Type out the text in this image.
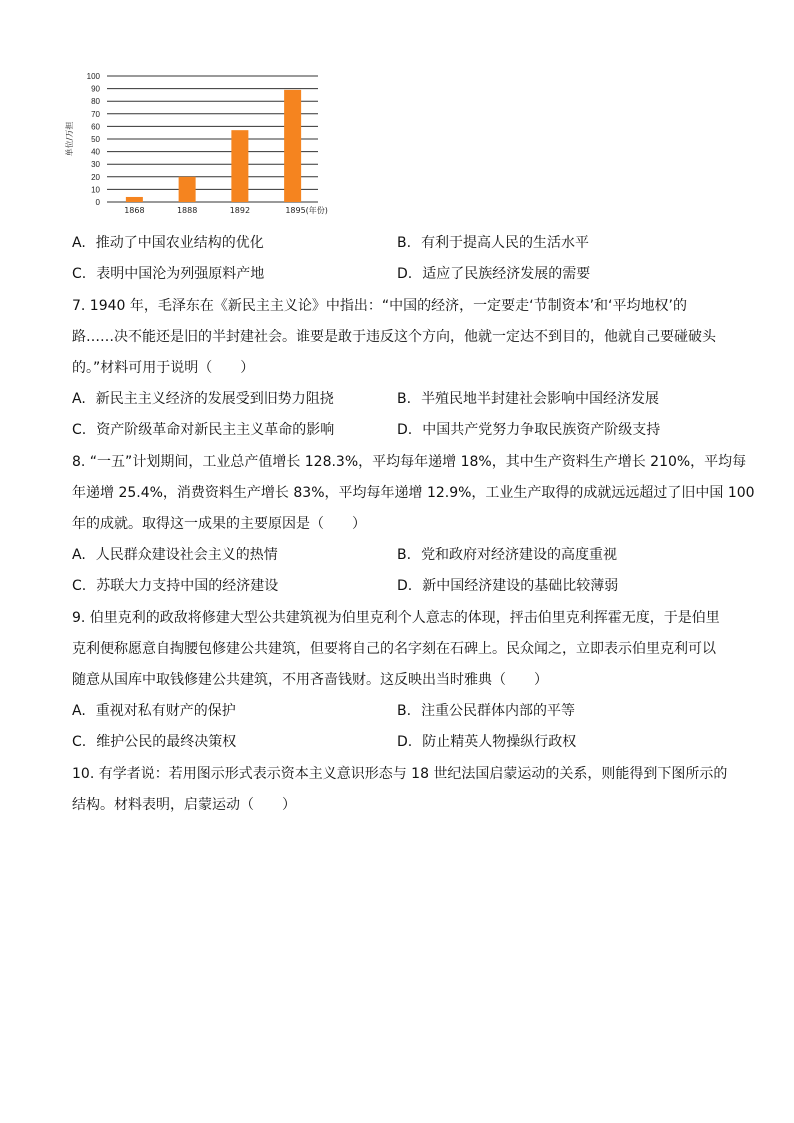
0
10
20
30
40
50
60
70
80
90
100
单位/万担
1868	1888	1892	1895(年份)
A. 推动了中国农业结构的优化	B. 有利于提高人民的生活水平
C. 表明中国沦为列强原料产地	D. 适应了民族经济发展的需要
7. 1940 年，毛泽东在《新民主主义论》中指出：“中国的经济，一定要走‘节制资本’和‘平均地权’的
路……决不能还是旧的半封建社会。谁要是敢于违反这个方向，他就一定达不到目的，他就自己要碰破头
的。”材料可用于说明（　　）
A. 新民主主义经济的发展受到旧势力阻挠	B. 半殖民地半封建社会影响中国经济发展
C. 资产阶级革命对新民主主义革命的影响	D. 中国共产党努力争取民族资产阶级支持
8. “一五”计划期间，工业总产值增长 128.3%，平均每年递增 18%，其中生产资料生产增长 210%，平均每
年递增 25.4%，消费资料生产增长 83%，平均每年递增 12.9%，工业生产取得的成就远远超过了旧中国 100
年的成就。取得这一成果的主要原因是（　　）
A. 人民群众建设社会主义的热情	B. 党和政府对经济建设的高度重视
C. 苏联大力支持中国的经济建设	D. 新中国经济建设的基础比较薄弱
9. 伯里克利的政敌将修建大型公共建筑视为伯里克利个人意志的体现，抨击伯里克利挥霍无度，于是伯里
克利便称愿意自掏腰包修建公共建筑，但要将自己的名字刻在石碑上。民众闻之，立即表示伯里克利可以
随意从国库中取钱修建公共建筑，不用吝啬钱财。这反映出当时雅典（　　）
A. 重视对私有财产的保护	B. 注重公民群体内部的平等
C. 维护公民的最终决策权	D. 防止精英人物操纵行政权
10. 有学者说：若用图示形式表示资本主义意识形态与 18 世纪法国启蒙运动的关系，则能得到下图所示的
结构。材料表明，启蒙运动（　　）
